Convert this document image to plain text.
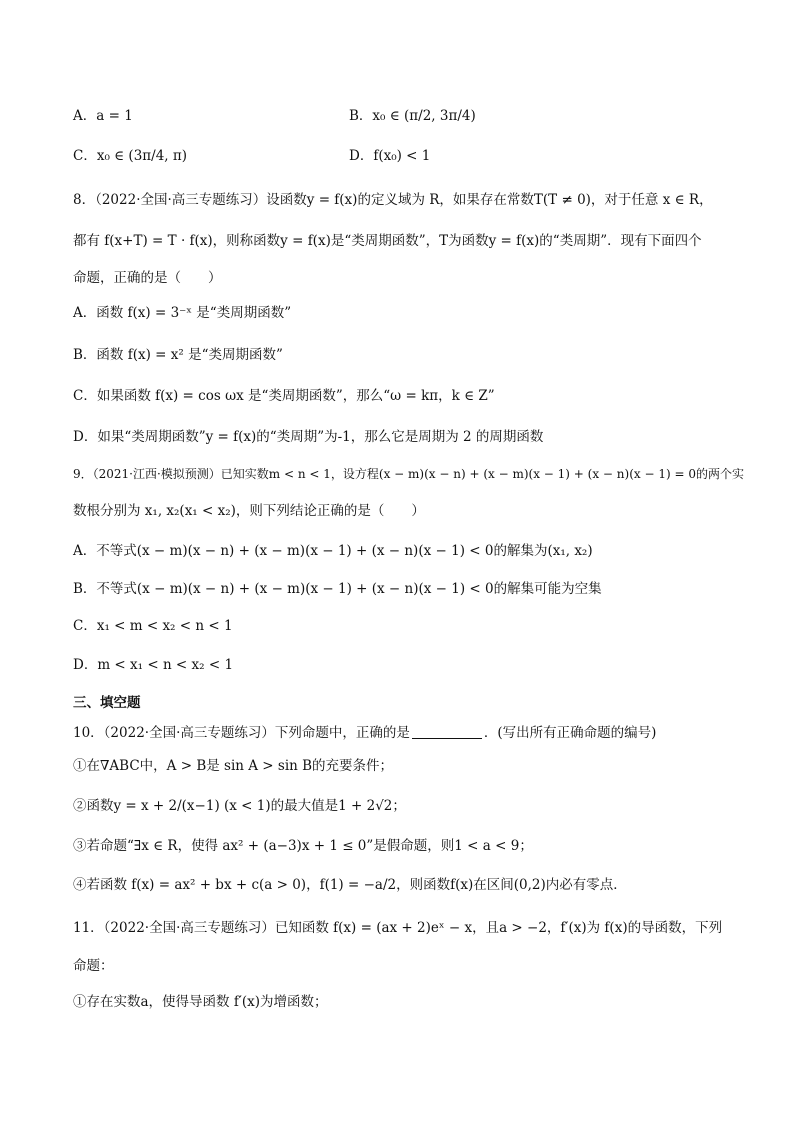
A．a = 1	B．x₀ ∈ (π/2, 3π/4)
C．x₀ ∈ (3π/4, π)	D．f(x₀) < 1
8．（2022·全国·高三专题练习）设函数y = f(x)的定义域为 R，如果存在常数T(T ≠ 0)，对于任意 x ∈ R，
都有 f(x+T) = T · f(x)，则称函数y = f(x)是“类周期函数”，T为函数y = f(x)的“类周期”．现有下面四个
命题，正确的是（　　）
A．函数 f(x) = 3⁻ˣ 是“类周期函数”
B．函数 f(x) = x² 是“类周期函数”
C．如果函数 f(x) = cos ωx 是“类周期函数”，那么“ω = kπ，k ∈ Z”
D．如果“类周期函数”y = f(x)的“类周期”为-1，那么它是周期为 2 的周期函数
9．（2021·江西·模拟预测）已知实数m < n < 1，设方程(x − m)(x − n) + (x − m)(x − 1) + (x − n)(x − 1) = 0的两个实
数根分别为 x₁, x₂(x₁ < x₂)，则下列结论正确的是（　　）
A．不等式(x − m)(x − n) + (x − m)(x − 1) + (x − n)(x − 1) < 0的解集为(x₁, x₂)
B．不等式(x − m)(x − n) + (x − m)(x − 1) + (x − n)(x − 1) < 0的解集可能为空集
C．x₁ < m < x₂ < n < 1
D．m < x₁ < n < x₂ < 1
三、填空题
10．（2022·全国·高三专题练习）下列命题中，正确的是	．(写出所有正确命题的编号)
①在∇ABC中，A > B是 sin A > sin B的充要条件；
②函数y = x + 2/(x−1) (x < 1)的最大值是1 + 2√2；
③若命题“∃x ∈ R，使得 ax² + (a−3)x + 1 ≤ 0”是假命题，则1 < a < 9；
④若函数 f(x) = ax² + bx + c(a > 0)，f(1) = −a/2，则函数f(x)在区间(0,2)内必有零点．
11．（2022·全国·高三专题练习）已知函数 f(x) = (ax + 2)eˣ − x，且a > −2，f′(x)为 f(x)的导函数，下列
命题：
①存在实数a，使得导函数 f′(x)为增函数；
